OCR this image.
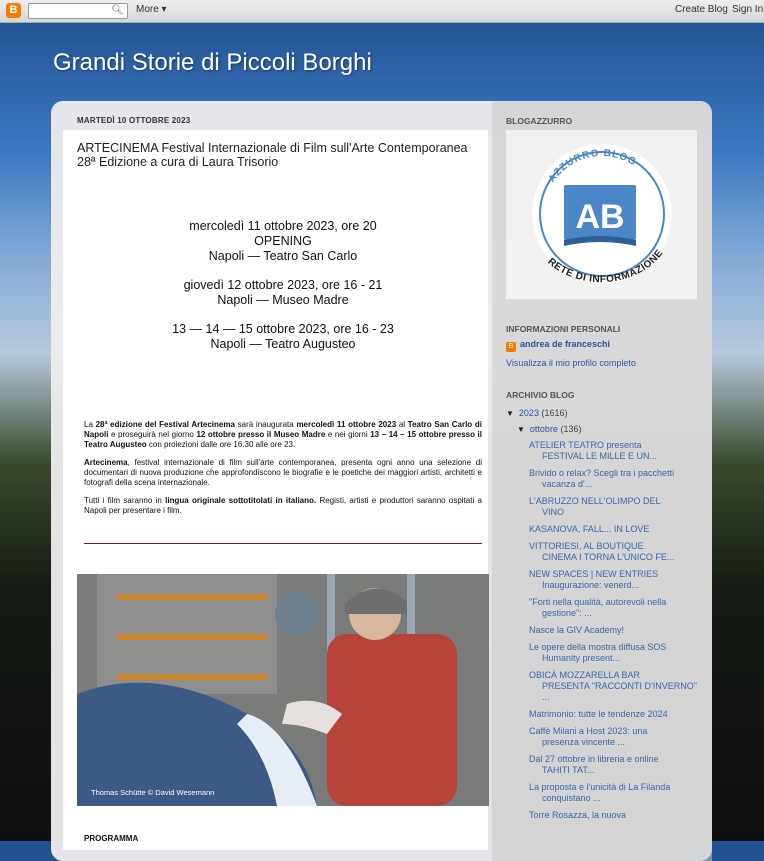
B	🔍︎ More ▾	Create Blog Sign In
Grandi Storie di Piccoli Borghi
MARTEDÌ 10 OTTOBRE 2023
ARTECINEMA Festival Internazionale di Film sull'Arte Contemporanea
28ª Edizione a cura di Laura Trisorio
mercoledì 11 ottobre 2023, ore 20
OPENING
Napoli — Teatro San Carlo
giovedì 12 ottobre 2023, ore 16 - 21
Napoli — Museo Madre
13 — 14 — 15 ottobre 2023, ore 16 - 23
Napoli — Teatro Augusteo

La 28ª edizione del Festival Artecinema sarà inaugurata mercoledì 11 ottobre 2023 al Teatro San Carlo di Napoli e proseguirà nel giorno 12 ottobre presso il Museo Madre e nei giorni 13 – 14 – 15 ottobre presso il Teatro Augusteo con proiezioni dalle ore 16.30 alle ore 23.

Artecinema, festival internazionale di film sull'arte contemporanea, presenta ogni anno una selezione di documentari di nuova produzione che approfondiscono le biografie e le poetiche dei maggiori artisti, architetti e fotografi della scena internazionale.

Tutti i film saranno in lingua originale sottotitolati in italiano. Registi, artisti e produttori saranno ospitati a Napoli per presentare i film.

Thomas Schütte © David Wesemann
PROGRAMMA
BLOGAZZURRO
AZZURRO BLOG
AB
RETE DI INFORMAZIONE
INFORMAZIONI PERSONALI
B andrea de franceschi
Visualizza il mio profilo completo
ARCHIVIO BLOG
▼ 2023 (1616)
▼ ottobre (136)
ATELIER TEATRO presenta
FESTIVAL LE MILLE E UN...
Brivido o relax? Scegli tra i pacchetti
vacanza d'...
L'ABRUZZO NELL'OLIMPO DEL
VINO
KASANOVA, FALL... IN LOVE
VITTORIESI, AL BOUTIQUE
CINEMA I TORNA L'UNICO FE...
NEW SPACES | NEW ENTRIES
Inaugurazione: venerd...
"Forti nella qualità, autorevoli nella
gestione": ...
Nasce la GIV Academy!
Le opere della mostra diffusa SOS
Humanity present...
OBICÀ MOZZARELLA BAR
PRESENTA "RACCONTI D'INVERNO" ...
Matrimonio: tutte le tendenze 2024
Caffè Milani a Host 2023: una
presenza vincente ...
Dal 27 ottobre in libreria e online
TAHITI TAT...
La proposta e l'unicità di La Filanda
conquistano ...
Torre Rosazza, la nuova
